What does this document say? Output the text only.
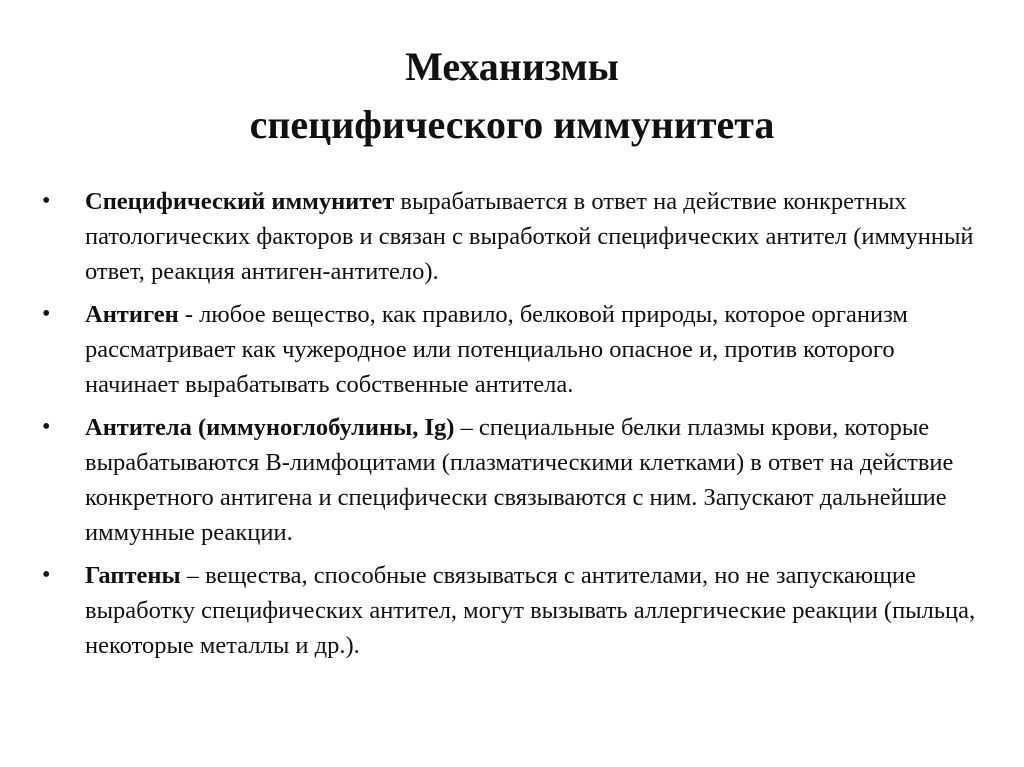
Механизмы
специфического иммунитета
• Специфический иммунитет вырабатывается в ответ на действие конкретных патологических факторов и связан с выработкой специфических антител (иммунный ответ, реакция антиген-антитело).
• Антиген - любое вещество, как правило, белковой природы, которое организм рассматривает как чужеродное или потенциально опасное и, против которого начинает вырабатывать собственные антитела.
• Антитела (иммуноглобулины, Ig) – специальные белки плазмы крови, которые вырабатываются В-лимфоцитами (плазматическими клетками) в ответ на действие конкретного антигена и специфически связываются с ним. Запускают дальнейшие иммунные реакции.
• Гаптены – вещества, способные связываться с антителами, но не запускающие выработку специфических антител, могут вызывать аллергические реакции (пыльца, некоторые металлы и др.).
